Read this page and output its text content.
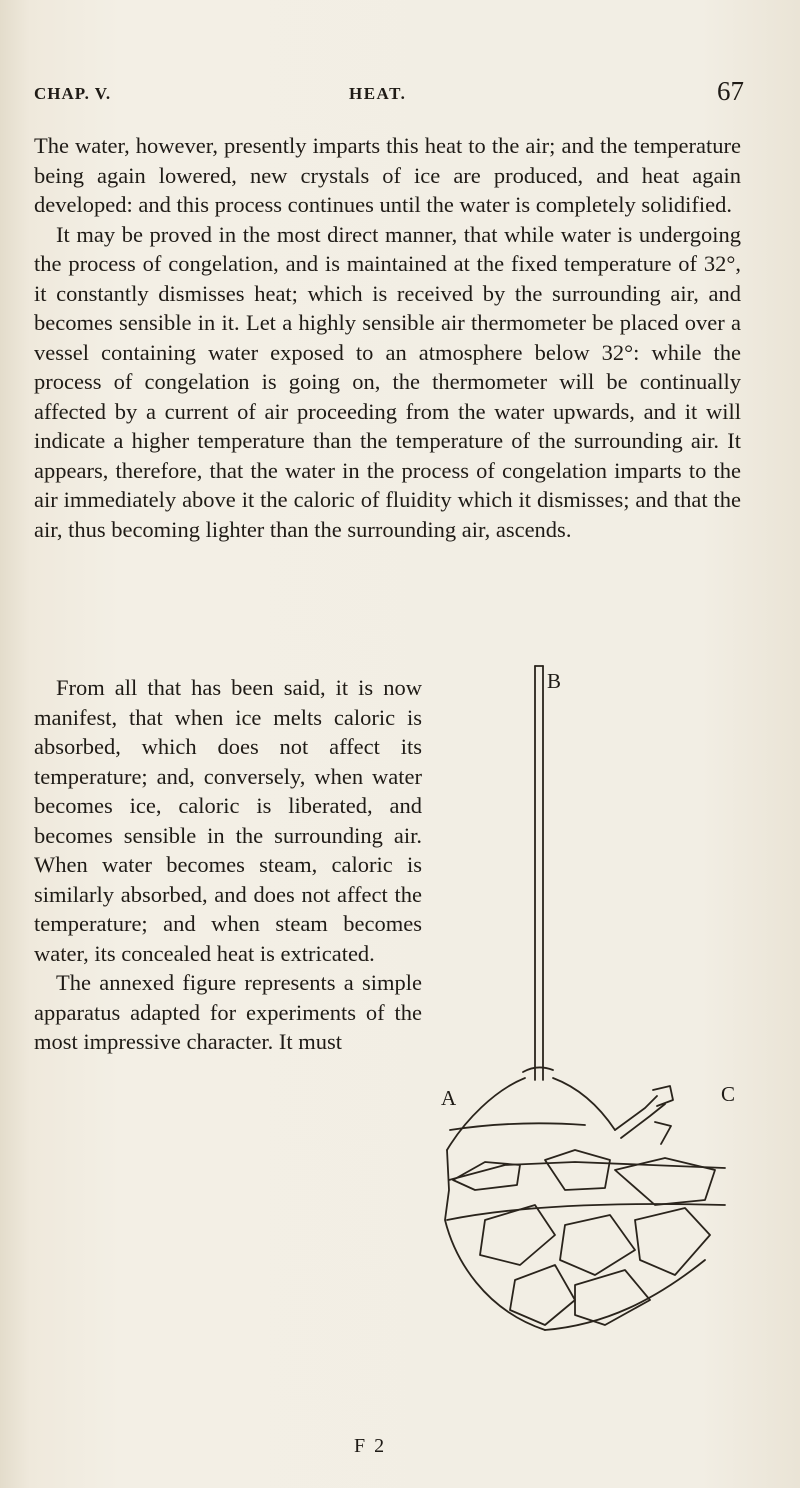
CHAP. V.	HEAT.	67

The water, however, presently imparts this heat to the air; and the temperature being again lowered, new crystals of ice are produced, and heat again developed: and this process continues until the water is completely solidified.

It may be proved in the most direct manner, that while water is undergoing the process of congelation, and is maintained at the fixed temperature of 32°, it constantly dismisses heat; which is received by the surrounding air, and becomes sensible in it. Let a highly sensible air thermometer be placed over a vessel containing water exposed to an atmosphere below 32°: while the process of congelation is going on, the thermometer will be continually affected by a current of air proceeding from the water upwards, and it will indicate a higher temperature than the temperature of the surrounding air. It appears, therefore, that the water in the process of congelation imparts to the air immediately above it the caloric of fluidity which it dismisses; and that the air, thus becoming lighter than the surrounding air, ascends.

From all that has been said, it is now manifest, that when ice melts caloric is absorbed, which does not affect its temperature; and, conversely, when water becomes ice, caloric is liberated, and becomes sensible in the surrounding air. When water becomes steam, caloric is similarly absorbed, and does not affect the temperature; and when steam becomes water, its concealed heat is extricated.

The annexed figure represents a simple apparatus adapted for experiments of the most impressive character. It must

A
B
C
F 2
